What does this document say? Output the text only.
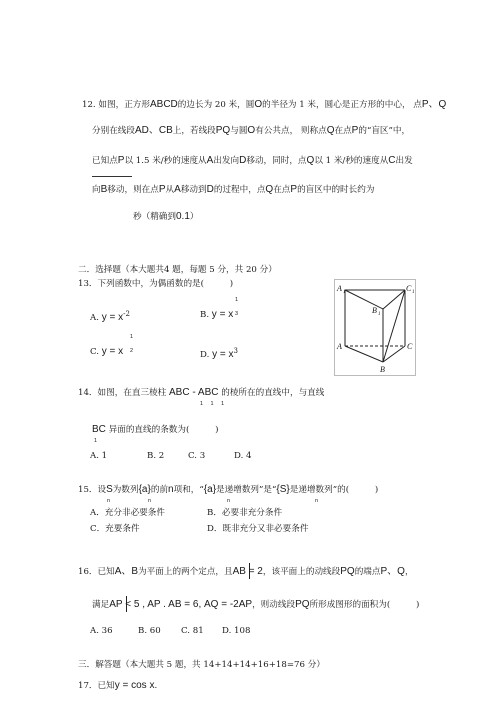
12. 如图，正方形ABCD的边长为 20 米，圆O的半径为 1 米，圆心是正方形的中心， 点P、Q
分别在线段AD、CB上，若线段PQ与圆O有公共点， 则称点Q在点P的“盲区”中，
已知点P以 1.5 米/秒的速度从A出发向D移动，同时，点Q以 1 米/秒的速度从C出发
向B移动，则在点P从A移动到D的过程中，点Q在点P的盲区中的时长约为
秒（精确到0.1）
二．选择题（本大题共4 题，每题 5 分，共 20 分）
13．下列函数中，为偶函数的是(　　　)
A. $y = x^{-2}$	B. y = x
1
3
C. y = x
1
2	D. $y = x^3$
A 1	C 1
B 1
A	C
B
14．如图，在直三棱柱 ABC - ABC 的棱所在的直线中，与直线
1　1　1
BC 异面的直线的条数为(　　　)
1
A. 1	B. 2	C. 3	D. 4
15．设S为数列{a}的前n项和，“{a}是递增数列”是“{S}是递增数列”的(　　　)
n	n	n	n
A．充分非必要条件	B．必要非充分条件
C．充要条件	D．既非充分又非必要条件
16．已知A、B为平面上的两个定点，且AB = 2，该平面上的动线段PQ的端点P、Q，
满足AP < 5 , AP . AB = 6, AQ = -2AP，则动线段PQ所形成图形的面积为(　　　)
A. 36	B. 60 C. 81 D. 108
三．解答题（本大题共 5 题，共 14+14+14+16+18=76 分）
17．已知y = cos x.
